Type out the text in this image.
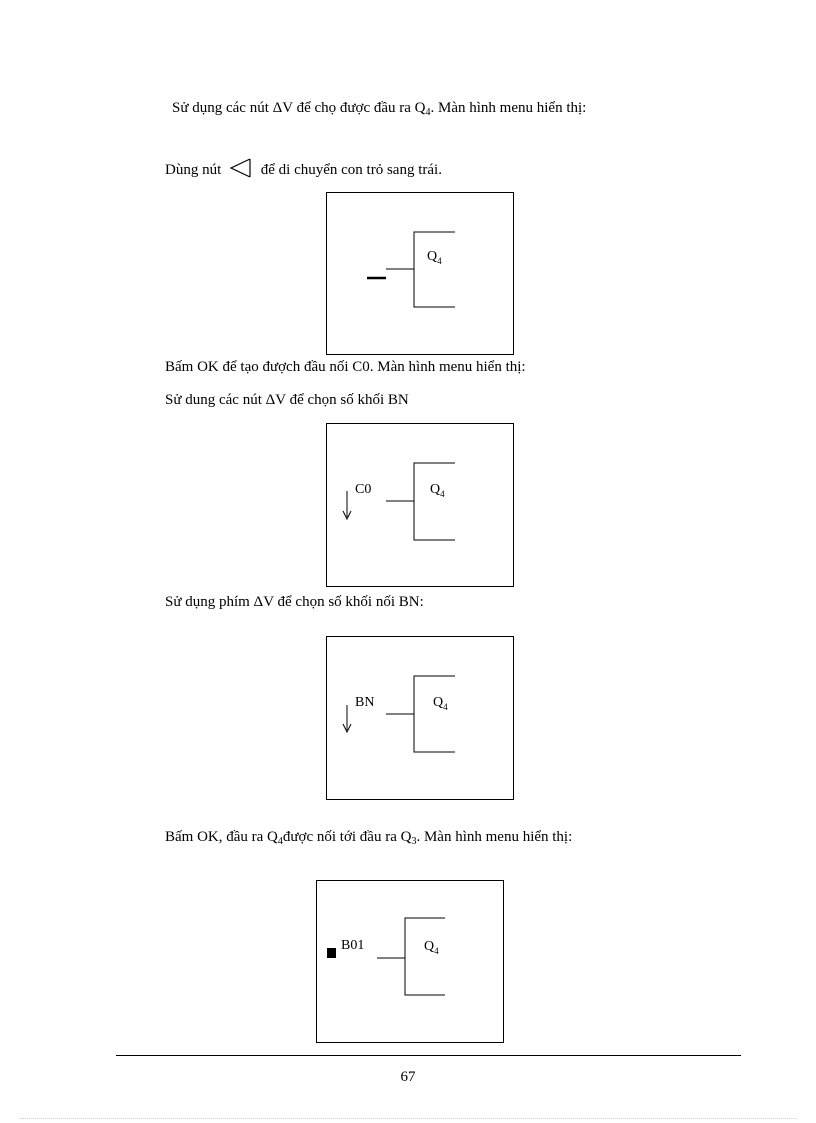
Sử dụng các nút ΔV để chọ được đầu ra $Q_4$. Màn hình menu hiển thị:
Dùng nút	để di chuyển con trỏ sang trái.
$Q_4$
Bấm OK để tạo đượch đầu nối C0. Màn hình menu hiển thị:
Sử dung các nút ΔV để chọn số khối BN
C0	$Q_4$
Sử dụng phím ΔV để chọn số khối nối BN:
BN	$Q_4$
Bấm OK, đầu ra $Q_4được$ nối tới đầu ra $Q_3$. Màn hình menu hiển thị:
B01	$Q_4$
67
